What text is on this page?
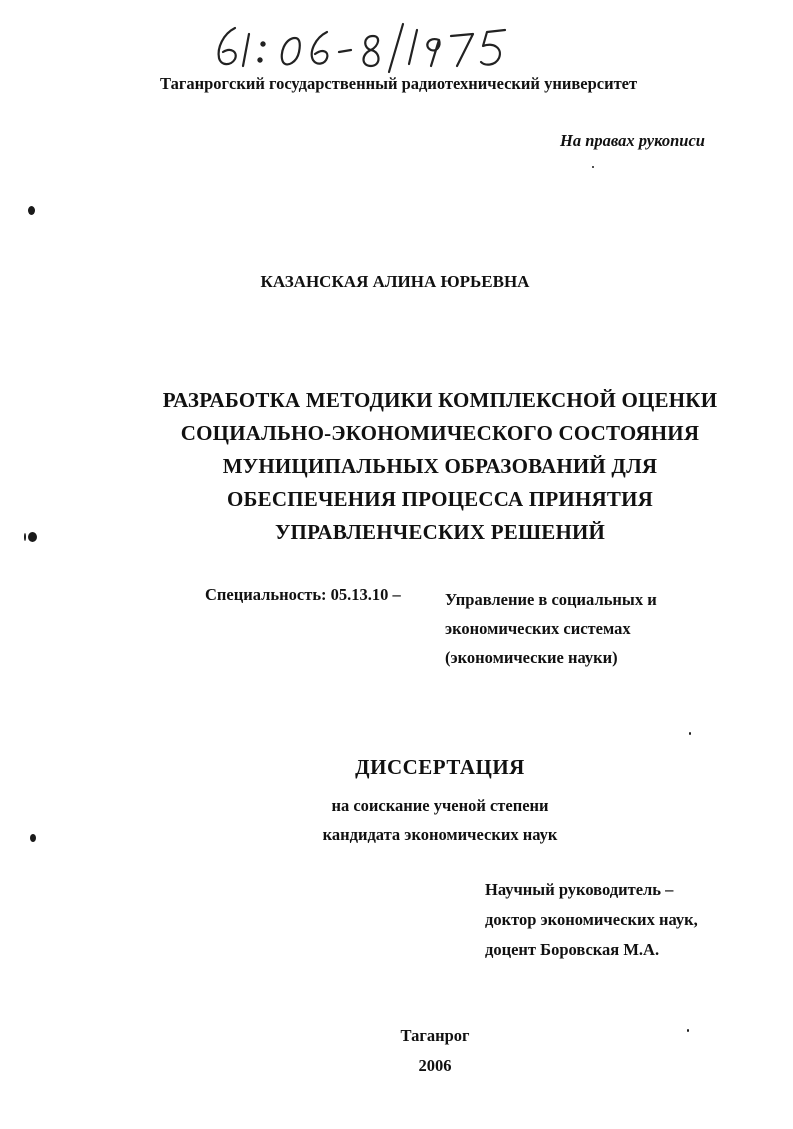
Таганрогский государственный радиотехнический университет
На правах рукописи
КАЗАНСКАЯ АЛИНА ЮРЬЕВНА
РАЗРАБОТКА МЕТОДИКИ КОМПЛЕКСНОЙ ОЦЕНКИ
СОЦИАЛЬНО-ЭКОНОМИЧЕСКОГО СОСТОЯНИЯ
МУНИЦИПАЛЬНЫХ ОБРАЗОВАНИЙ ДЛЯ
ОБЕСПЕЧЕНИЯ ПРОЦЕССА ПРИНЯТИЯ
УПРАВЛЕНЧЕСКИХ РЕШЕНИЙ
Специальность: 05.13.10 –	Управление в социальных и
экономических системах
(экономические науки)
ДИССЕРТАЦИЯ
на соискание ученой степени
кандидата экономических наук
Научный руководитель –
доктор экономических наук,
доцент Боровская М.А.
Таганрог
2006
